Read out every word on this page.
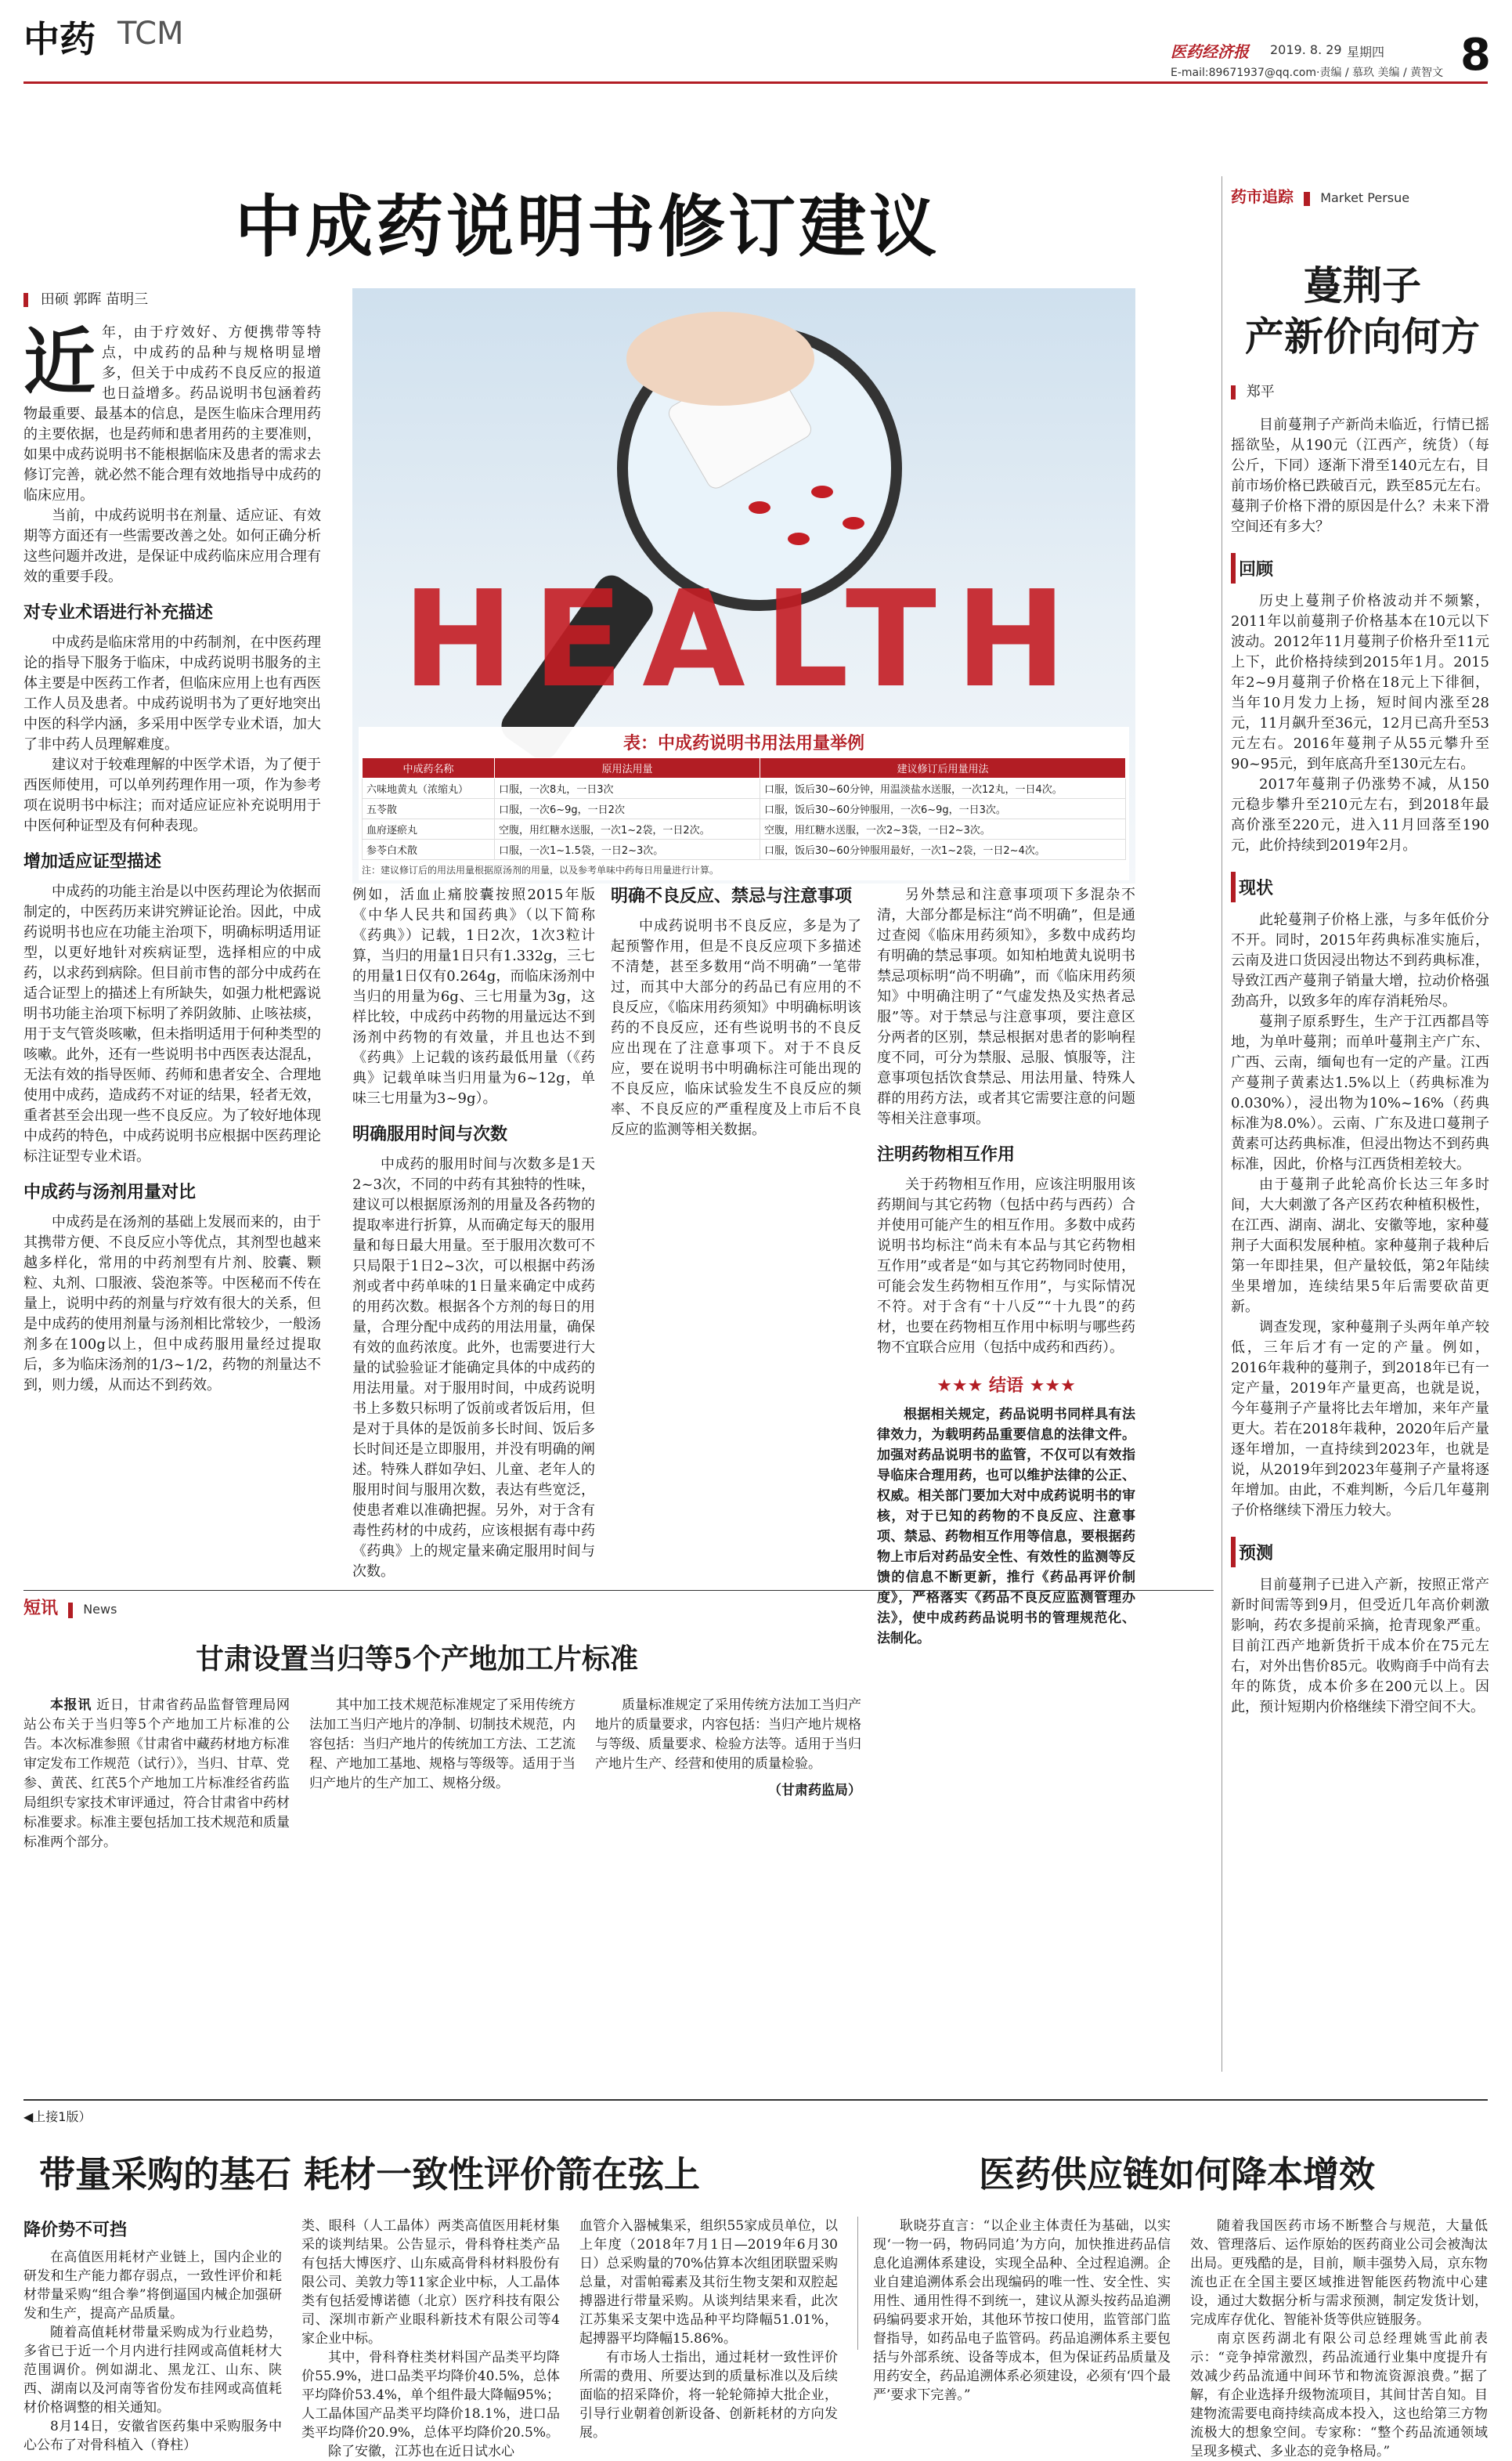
中药 TCM	医药经济报 2019. 8. 29 星期四 8
E-mail:89671937@qq.com·责编 / 慕玖 美编 / 黄智文
中成药说明书修订建议
田硕 郭晖 苗明三
近 年，由于疗效好、方便携带等特点，中成药的品种与规格明显增多，但关于中成药不良反应的报道也日益增多。药品说明书包涵着药物最重要、最基本的信息，是医生临床合理用药的主要依据，也是药师和患者用药的主要准则，如果中成药说明书不能根据临床及患者的需求去修订完善，就必然不能合理有效地指导中成药的临床应用。

当前，中成药说明书在剂量、适应证、有效期等方面还有一些需要改善之处。如何正确分析这些问题并改进，是保证中成药临床应用合理有效的重要手段。

对专业术语进行补充描述

中成药是临床常用的中药制剂，在中医药理论的指导下服务于临床，中成药说明书服务的主体主要是中医药工作者，但临床应用上也有西医工作人员及患者。中成药说明书为了更好地突出中医的科学内涵，多采用中医学专业术语，加大了非中药人员理解难度。

建议对于较难理解的中医学术语，为了便于西医师使用，可以单列药理作用一项，作为参考项在说明书中标注；而对适应证应补充说明用于中医何种证型及有何种表现。

增加适应证型描述

中成药的功能主治是以中医药理论为依据而制定的，中医药历来讲究辨证论治。因此，中成药说明书也应在功能主治项下，明确标明适用证型，以更好地针对疾病证型，选择相应的中成药，以求药到病除。但目前市售的部分中成药在适合证型上的描述上有所缺失，如强力枇杷露说明书功能主治项下标明了养阴敛肺、止咳祛痰，用于支气管炎咳嗽，但未指明适用于何种类型的咳嗽。此外，还有一些说明书中西医表达混乱，无法有效的指导医师、药师和患者安全、合理地使用中成药，造成药不对证的结果，轻者无效，重者甚至会出现一些不良反应。为了较好地体现中成药的特色，中成药说明书应根据中医药理论标注证型专业术语。

中成药与汤剂用量对比

中成药是在汤剂的基础上发展而来的，由于其携带方便、不良反应小等优点，其剂型也越来越多样化，常用的中药剂型有片剂、胶囊、颗粒、丸剂、口服液、袋泡茶等。中医秘而不传在量上，说明中药的剂量与疗效有很大的关系，但是中成药的使用剂量与汤剂相比常较少，一般汤剂多在100g以上，但中成药服用量经过提取后，多为临床汤剂的1/3~1/2，药物的剂量达不到，则力缓，从而达不到药效。

HEALTH
表：中成药说明书用法用量举例
中成药名称	原用法用量	建议修订后用量用法
六味地黄丸（浓缩丸）	口服，一次8丸，一日3次	口服，饭后30~60分钟，用温淡盐水送服，一次12丸，一日4次。
五苓散	口服，一次6~9g，一日2次	口服，饭后30~60分钟服用，一次6~9g，一日3次。
血府逐瘀丸	空腹，用红糖水送服，一次1~2袋，一日2次。	空腹，用红糖水送服，一次2~3袋，一日2~3次。
参苓白术散	口服，一次1~1.5袋，一日2~3次。	口服，饭后30~60分钟服用最好，一次1~2袋，一日2~4次。
注：建议修订后的用法用量根据原汤剂的用量，以及参考单味中药每日用量进行计算。

例如，活血止痛胶囊按照2015年版《中华人民共和国药典》（以下简称《药典》）记载，1日2次，1次3粒计算，当归的用量1日只有1.332g，三七的用量1日仅有0.264g，而临床汤剂中当归的用量为6g、三七用量为3g，这样比较，中成药中药物的用量远达不到汤剂中药物的有效量，并且也达不到《药典》上记载的该药最低用量（《药典》记载单味当归用量为6~12g，单味三七用量为3~9g）。

明确服用时间与次数

中成药的服用时间与次数多是1天2~3次，不同的中药有其独特的性味，建议可以根据原汤剂的用量及各药物的提取率进行折算，从而确定每天的服用量和每日最大用量。至于服用次数可不只局限于1日2~3次，可以根据中药汤剂或者中药单味的1日量来确定中成药的用药次数。根据各个方剂的每日的用量，合理分配中成药的用法用量，确保有效的血药浓度。此外，也需要进行大量的试验验证才能确定具体的中成药的用法用量。对于服用时间，中成药说明书上多数只标明了饭前或者饭后用，但是对于具体的是饭前多长时间、饭后多长时间还是立即服用，并没有明确的阐述。特殊人群如孕妇、儿童、老年人的服用时间与服用次数，表达有些宽泛，使患者难以准确把握。另外，对于含有毒性药材的中成药，应该根据有毒中药《药典》上的规定量来确定服用时间与次数。

明确不良反应、禁忌与注意事项

中成药说明书不良反应，多是为了起预警作用，但是不良反应项下多描述不清楚，甚至多数用“尚不明确”一笔带过，而其中大部分的药品已有应用的不良反应，《临床用药须知》中明确标明该药的不良反应，还有些说明书的不良反应出现在了注意事项下。对于不良反应，要在说明书中明确标注可能出现的不良反应，临床试验发生不良反应的频率、不良反应的严重程度及上市后不良反应的监测等相关数据。

另外禁忌和注意事项项下多混杂不清，大部分都是标注“尚不明确”，但是通过查阅《临床用药须知》，多数中成药均有明确的禁忌事项。如知柏地黄丸说明书禁忌项标明“尚不明确”，而《临床用药须知》中明确注明了“气虚发热及实热者忌服”等。对于禁忌与注意事项，要注意区分两者的区别，禁忌根据对患者的影响程度不同，可分为禁服、忌服、慎服等，注意事项包括饮食禁忌、用法用量、特殊人群的用药方法，或者其它需要注意的问题等相关注意事项。

注明药物相互作用

关于药物相互作用，应该注明服用该药期间与其它药物（包括中药与西药）合并使用可能产生的相互作用。多数中成药说明书均标注“尚未有本品与其它药物相互作用”或者是“如与其它药物同时使用，可能会发生药物相互作用”，与实际情况不符。对于含有“十八反”“十九畏”的药材，也要在药物相互作用中标明与哪些药物不宜联合应用（包括中成药和西药）。

★★★ 结语 ★★★

根据相关规定，药品说明书同样具有法律效力，为载明药品重要信息的法律文件。加强对药品说明书的监管，不仅可以有效指导临床合理用药，也可以维护法律的公正、权威。相关部门要加大对中成药说明书的审核，对于已知的药物的不良反应、注意事项、禁忌、药物相互作用等信息，要根据药物上市后对药品安全性、有效性的监测等反馈的信息不断更新，推行《药品再评价制度》，严格落实《药品不良反应监测管理办法》，使中成药药品说明书的管理规范化、法制化。

药市追踪 Market Persue
蔓荆子
产新价向何方
郑平

目前蔓荆子产新尚未临近，行情已摇摇欲坠，从190元（江西产，统货）（每公斤，下同）逐渐下滑至140元左右，目前市场价格已跌破百元，跌至85元左右。蔓荆子价格下滑的原因是什么？未来下滑空间还有多大？

回顾

历史上蔓荆子价格波动并不频繁，2011年以前蔓荆子价格基本在10元以下波动。2012年11月蔓荆子价格升至11元上下，此价格持续到2015年1月。2015年2~9月蔓荆子价格在18元上下徘徊，当年10月发力上扬，短时间内涨至28元，11月飙升至36元，12月已高升至53元左右。2016年蔓荆子从55元攀升至90~95元，到年底高升至130元左右。

2017年蔓荆子仍涨势不减，从150元稳步攀升至210元左右，到2018年最高价涨至220元，进入11月回落至190元，此价持续到2019年2月。

现状

此轮蔓荆子价格上涨，与多年低价分不开。同时，2015年药典标准实施后，云南及进口货因浸出物达不到药典标准，导致江西产蔓荆子销量大增，拉动价格强劲高升，以致多年的库存消耗殆尽。

蔓荆子原系野生，生产于江西都昌等地，为单叶蔓荆；而单叶蔓荆主产广东、广西、云南，缅甸也有一定的产量。江西产蔓荆子黄素达1.5%以上（药典标准为0.030%），浸出物为10%~16%（药典标准为8.0%）。云南、广东及进口蔓荆子黄素可达药典标准，但浸出物达不到药典标准，因此，价格与江西货相差较大。

由于蔓荆子此轮高价长达三年多时间，大大刺激了各产区药农种植积极性，在江西、湖南、湖北、安徽等地，家种蔓荆子大面积发展种植。家种蔓荆子栽种后第一年即挂果，但产量较低，第2年陆续坐果增加，连续结果5年后需要砍苗更新。

调查发现，家种蔓荆子头两年单产较低，三年后才有一定的产量。例如，2016年栽种的蔓荆子，到2018年已有一定产量，2019年产量更高，也就是说，今年蔓荆子产量将比去年增加，来年产量更大。若在2018年栽种，2020年后产量逐年增加，一直持续到2023年，也就是说，从2019年到2023年蔓荆子产量将逐年增加。由此，不难判断，今后几年蔓荆子价格继续下滑压力较大。

预测

目前蔓荆子已进入产新，按照正常产新时间需等到9月，但受近几年高价刺激影响，药农多提前采摘，抢青现象严重。目前江西产地新货折干成本价在75元左右，对外出售价85元。收购商手中尚有去年的陈货，成本价多在200元以上。因此，预计短期内价格继续下滑空间不大。

短讯 News
甘肃设置当归等5个产地加工片标准

本报讯 近日，甘肃省药品监督管理局网站公布关于当归等5个产地加工片标准的公告。本次标准参照《甘肃省中藏药材地方标准审定发布工作规范（试行）》，当归、甘草、党参、黄芪、红芪5个产地加工片标准经省药监局组织专家技术审评通过，符合甘肃省中药材标准要求。标准主要包括加工技术规范和质量标准两个部分。

其中加工技术规范标准规定了采用传统方法加工当归产地片的净制、切制技术规范，内容包括：当归产地片的传统加工方法、工艺流程、产地加工基地、规格与等级等。适用于当归产地片的生产加工、规格分级。

质量标准规定了采用传统方法加工当归产地片的质量要求，内容包括：当归产地片规格与等级、质量要求、检验方法等。适用于当归产地片生产、经营和使用的质量检验。

（甘肃药监局）

◀上接1版）
带量采购的基石 耗材一致性评价箭在弦上	医药供应链如何降本增效
降价势不可挡

在高值医用耗材产业链上，国内企业的研发和生产能力都存弱点，一致性评价和耗材带量采购“组合拳”将倒逼国内械企加强研发和生产，提高产品质量。

随着高值耗材带量采购成为行业趋势，多省已于近一个月内进行挂网或高值耗材大范围调价。例如湖北、黑龙江、山东、陕西、湖南以及河南等省份发布挂网或高值耗材价格调整的相关通知。

8月14日，安徽省医药集中采购服务中心公布了对骨科植入（脊柱）

类、眼科（人工晶体）两类高值医用耗材集采的谈判结果。公告显示，骨科脊柱类产品有包括大博医疗、山东威高骨科材料股份有限公司、美敦力等11家企业中标，人工晶体类有包括爱博诺德（北京）医疗科技有限公司、深圳市新产业眼科新技术有限公司等4家企业中标。

其中，骨科脊柱类材料国产品类平均降价55.9%，进口品类平均降价40.5%，总体平均降价53.4%，单个组件最大降幅95%；人工晶体国产品类平均降价18.1%，进口品类平均降价20.9%，总体平均降价20.5%。

除了安徽，江苏也在近日试水心

血管介入器械集采，组织55家成员单位，以上年度（2018年7月1日—2019年6月30日）总采购量的70%估算本次组团联盟采购总量，对雷帕霉素及其衍生物支架和双腔起搏器进行带量采购。从谈判结果来看，此次江苏集采支架中选品种平均降幅51.01%，起搏器平均降幅15.86%。

有市场人士指出，通过耗材一致性评价所需的费用、所要达到的质量标准以及后续面临的招采降价，将一轮轮筛掉大批企业，引导行业朝着创新设备、创新耗材的方向发展。

耿晓芬直言：“以企业主体责任为基础，以实现‘一物一码，物码同追’为方向，加快推进药品信息化追溯体系建设，实现全品种、全过程追溯。企业自建追溯体系会出现编码的唯一性、安全性、实用性、通用性得不到统一，建议从源头按药品追溯码编码要求开始，其他环节按口使用，监管部门监督指导，如药品电子监管码。药品追溯体系主要包括与外部系统、设备等成本，但为保证药品质量及用药安全，药品追溯体系必须建设，必须有‘四个最严’要求下完善。”

随着我国医药市场不断整合与规范，大量低效、管理落后、运作原始的医药商业公司会被淘汰出局。更残酷的是，目前，顺丰强势入局，京东物流也正在全国主要区域推进智能医药物流中心建设，通过大数据分析与需求预测，制定发货计划，完成库存优化、智能补货等供应链服务。

南京医药湖北有限公司总经理姚雪此前表示：“竞争掉常激烈，药品流通行业集中度提升有效减少药品流通中间环节和物流资源浪费。”据了解，有企业选择升级物流项目，其间甘苦自知。目建物流需要电商持续高成本投入，这也给第三方物流极大的想象空间。专家称：“整个药品流通领域呈现多模式、多业态的竞争格局。”
